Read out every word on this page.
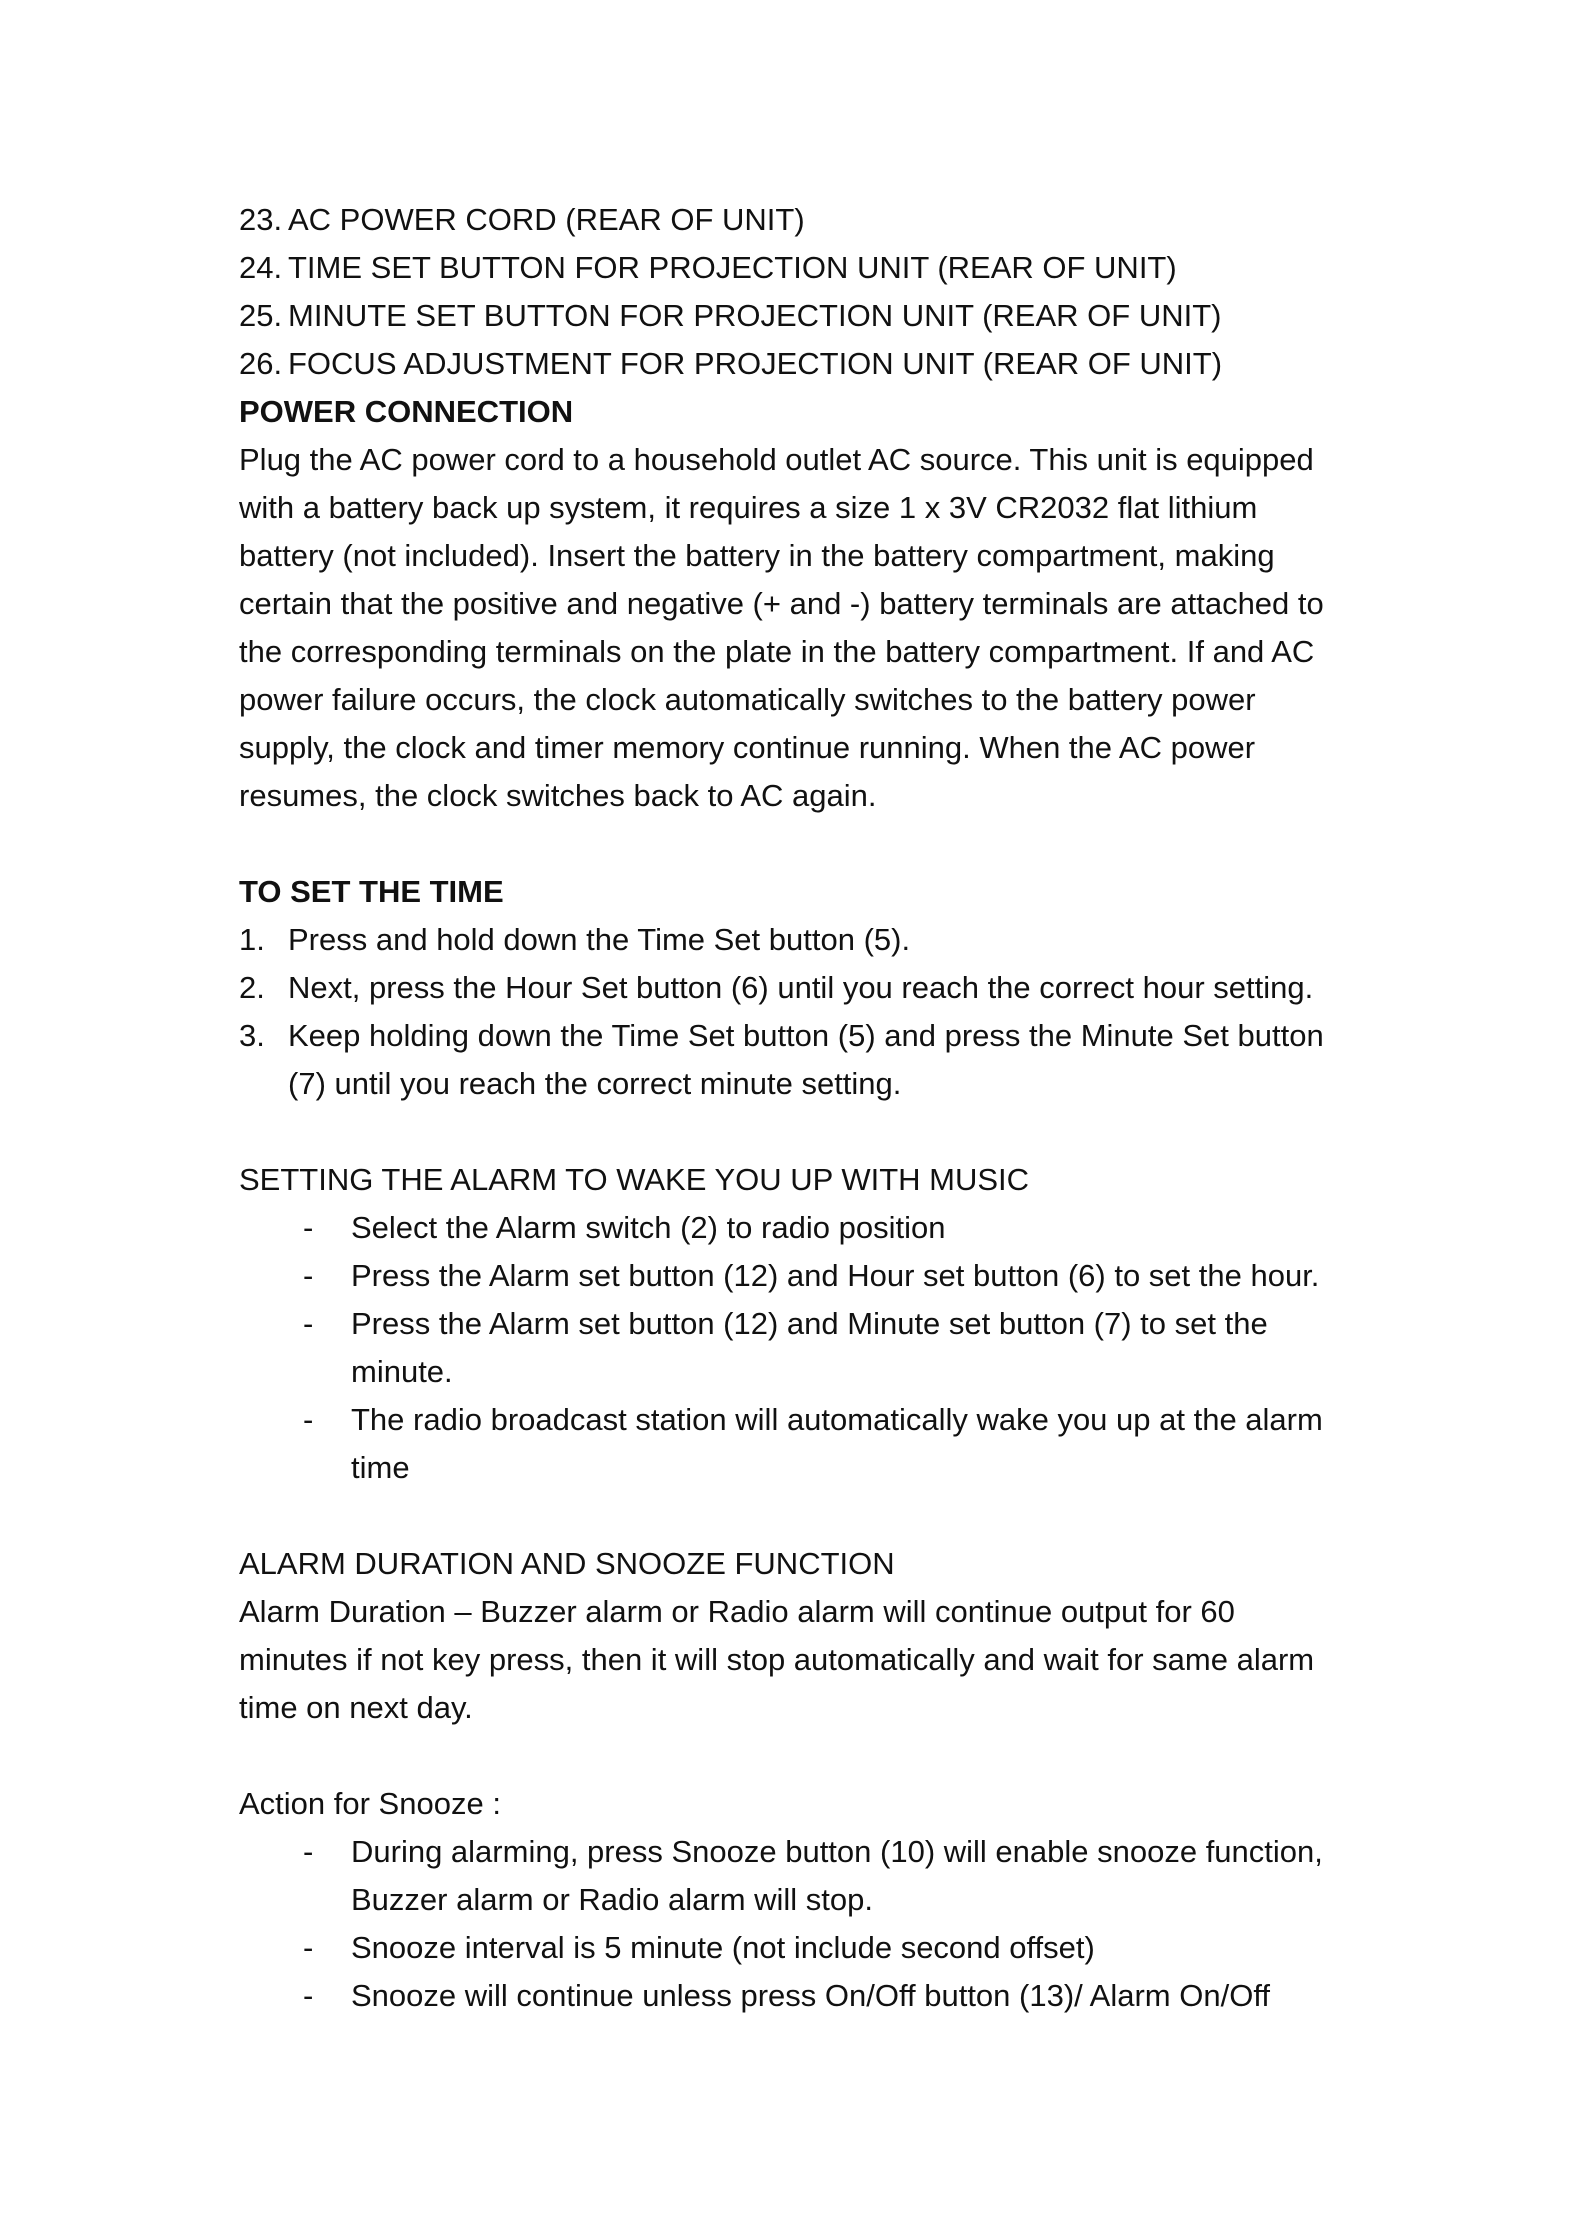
23. AC POWER CORD (REAR OF UNIT)
24. TIME SET BUTTON FOR PROJECTION UNIT (REAR OF UNIT)
25. MINUTE SET BUTTON FOR PROJECTION UNIT (REAR OF UNIT)
26. FOCUS ADJUSTMENT FOR PROJECTION UNIT (REAR OF UNIT)
POWER CONNECTION
Plug the AC power cord to a household outlet AC source. This unit is equipped
with a battery back up system, it requires a size 1 x 3V CR2032 flat lithium
battery (not included). Insert the battery in the battery compartment, making
certain that the positive and negative (+ and -) battery terminals are attached to
the corresponding terminals on the plate in the battery compartment. If and AC
power failure occurs, the clock automatically switches to the battery power
supply, the clock and timer memory continue running. When the AC power
resumes, the clock switches back to AC again.
TO SET THE TIME
1. Press and hold down the Time Set button (5).
2. Next, press the Hour Set button (6) until you reach the correct hour setting.
3. Keep holding down the Time Set button (5) and press the Minute Set button
(7) until you reach the correct minute setting.
SETTING THE ALARM TO WAKE YOU UP WITH MUSIC
-	Select the Alarm switch (2) to radio position
-	Press the Alarm set button (12) and Hour set button (6) to set the hour.
-	Press the Alarm set button (12) and Minute set button (7) to set the
minute.
-	The radio broadcast station will automatically wake you up at the alarm
time
ALARM DURATION AND SNOOZE FUNCTION
Alarm Duration – Buzzer alarm or Radio alarm will continue output for 60
minutes if not key press, then it will stop automatically and wait for same alarm
time on next day.
Action for Snooze :
-	During alarming, press Snooze button (10) will enable snooze function,
Buzzer alarm or Radio alarm will stop.
-	Snooze interval is 5 minute (not include second offset)
-	Snooze will continue unless press On/Off button (13)/ Alarm On/Off
